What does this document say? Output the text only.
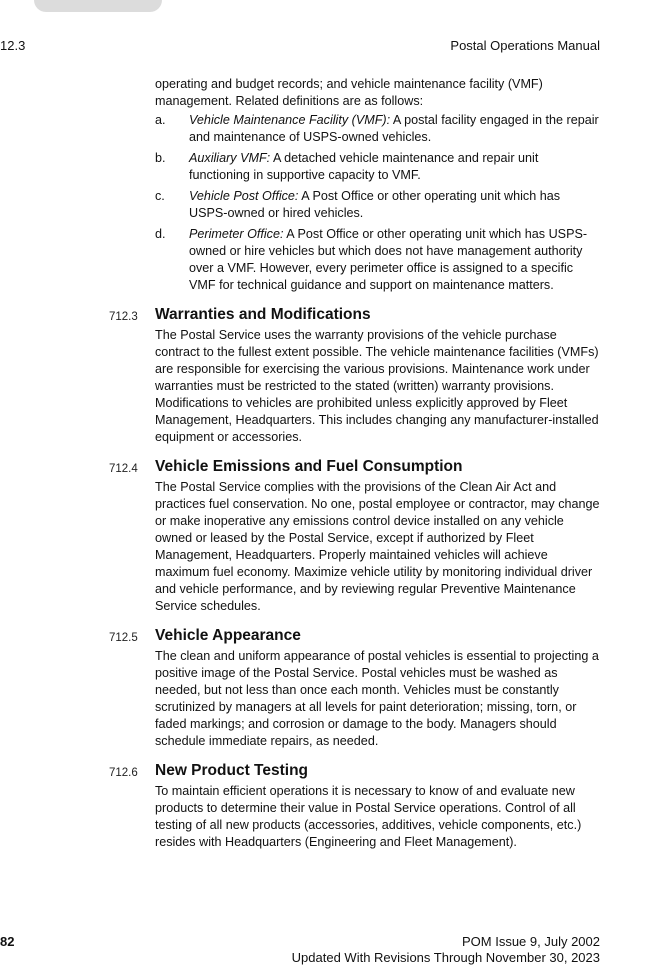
12.3	Postal Operations Manual

operating and budget records; and vehicle maintenance facility (VMF) management. Related definitions are as follows:

a. Vehicle Maintenance Facility (VMF): A postal facility engaged in the repair and maintenance of USPS-owned vehicles.
b. Auxiliary VMF: A detached vehicle maintenance and repair unit functioning in supportive capacity to VMF.
c. Vehicle Post Office: A Post Office or other operating unit which has USPS-owned or hired vehicles.
d. Perimeter Office: A Post Office or other operating unit which has USPS-owned or hire vehicles but which does not have management authority over a VMF. However, every perimeter office is assigned to a specific VMF for technical guidance and support on maintenance matters.
712.3 Warranties and Modifications

The Postal Service uses the warranty provisions of the vehicle purchase contract to the fullest extent possible. The vehicle maintenance facilities (VMFs) are responsible for exercising the various provisions. Maintenance work under warranties must be restricted to the stated (written) warranty provisions. Modifications to vehicles are prohibited unless explicitly approved by Fleet Management, Headquarters. This includes changing any manufacturer-installed equipment or accessories.

712.4 Vehicle Emissions and Fuel Consumption

The Postal Service complies with the provisions of the Clean Air Act and practices fuel conservation. No one, postal employee or contractor, may change or make inoperative any emissions control device installed on any vehicle owned or leased by the Postal Service, except if authorized by Fleet Management, Headquarters. Properly maintained vehicles will achieve maximum fuel economy. Maximize vehicle utility by monitoring individual driver and vehicle performance, and by reviewing regular Preventive Maintenance Service schedules.

712.5 Vehicle Appearance

The clean and uniform appearance of postal vehicles is essential to projecting a positive image of the Postal Service. Postal vehicles must be washed as needed, but not less than once each month. Vehicles must be constantly scrutinized by managers at all levels for paint deterioration; missing, torn, or faded markings; and corrosion or damage to the body. Managers should schedule immediate repairs, as needed.

712.6 New Product Testing

To maintain efficient operations it is necessary to know of and evaluate new products to determine their value in Postal Service operations. Control of all testing of all new products (accessories, additives, vehicle components, etc.) resides with Headquarters (Engineering and Fleet Management).

82	POM Issue 9, July 2002
Updated With Revisions Through November 30, 2023
